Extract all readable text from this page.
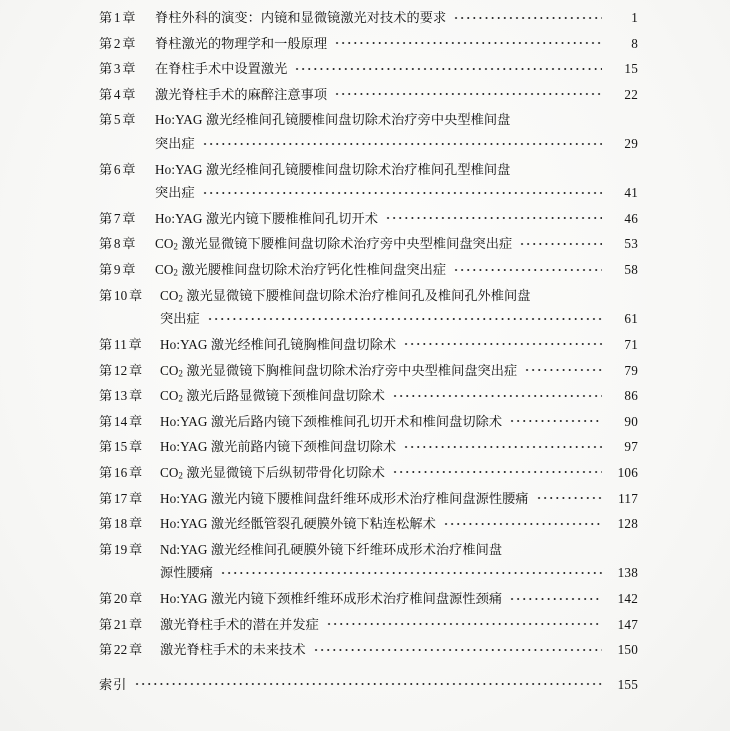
第 1 章	脊柱外科的演变：内镜和显微镜激光对技术的要求	1
第 2 章	脊柱激光的物理学和一般原理	8
第 3 章	在脊柱手术中设置激光	15
第 4 章	激光脊柱手术的麻醉注意事项	22
第 5 章	Ho:YAG 激光经椎间孔镜腰椎间盘切除术治疗旁中央型椎间盘
突出症	29
第 6 章	Ho:YAG 激光经椎间孔镜腰椎间盘切除术治疗椎间孔型椎间盘
突出症	41
第 7 章	Ho:YAG 激光内镜下腰椎椎间孔切开术	46
第 8 章	$CO_2$ 激光显微镜下腰椎间盘切除术治疗旁中央型椎间盘突出症	53
第 9 章	$CO_2$ 激光腰椎间盘切除术治疗钙化性椎间盘突出症	58
第 10 章	$CO_2$ 激光显微镜下腰椎间盘切除术治疗椎间孔及椎间孔外椎间盘
突出症	61
第 11 章	Ho:YAG 激光经椎间孔镜胸椎间盘切除术	71
第 12 章	$CO_2$ 激光显微镜下胸椎间盘切除术治疗旁中央型椎间盘突出症	79
第 13 章	$CO_2$ 激光后路显微镜下颈椎间盘切除术	86
第 14 章	Ho:YAG 激光后路内镜下颈椎椎间孔切开术和椎间盘切除术	90
第 15 章	Ho:YAG 激光前路内镜下颈椎间盘切除术	97
第 16 章	$CO_2$ 激光显微镜下后纵韧带骨化切除术	106
第 17 章	Ho:YAG 激光内镜下腰椎间盘纤维环成形术治疗椎间盘源性腰痛	117
第 18 章	Ho:YAG 激光经骶管裂孔硬膜外镜下粘连松解术	128
第 19 章	Nd:YAG 激光经椎间孔硬膜外镜下纤维环成形术治疗椎间盘
源性腰痛	138
第 20 章	Ho:YAG 激光内镜下颈椎纤维环成形术治疗椎间盘源性颈痛	142
第 21 章	激光脊柱手术的潜在并发症	147
第 22 章	激光脊柱手术的未来技术	150
索引	155
